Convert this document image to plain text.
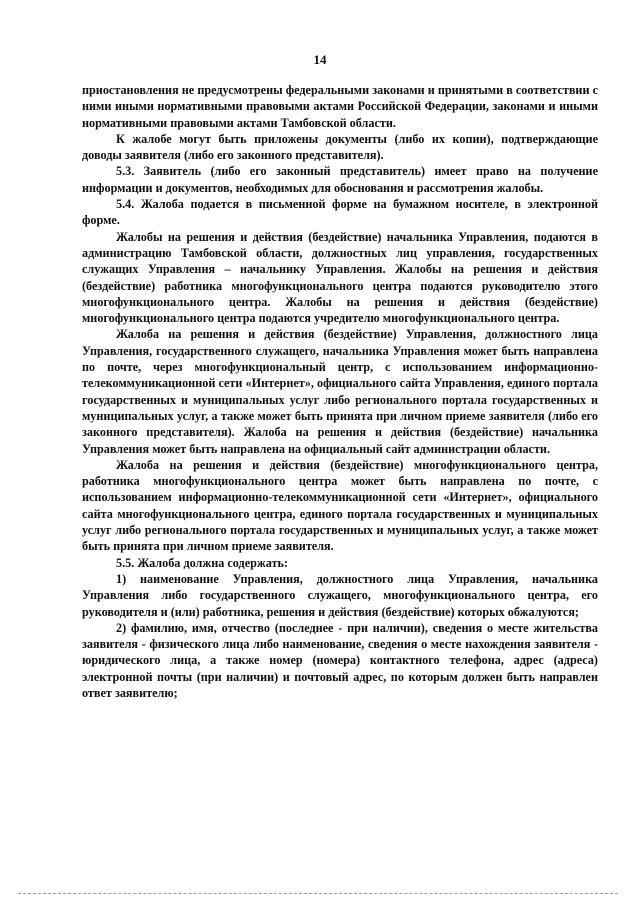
14

приостановления не предусмотрены федеральными законами и принятыми в соответствии с ними иными нормативными правовыми актами Российской Федерации, законами и иными нормативными правовыми актами Тамбовской области.

К жалобе могут быть приложены документы (либо их копии), подтверждающие доводы заявителя (либо его законного представителя).

5.3. Заявитель (либо его законный представитель) имеет право на получение информации и документов, необходимых для обоснования и рассмотрения жалобы.

5.4. Жалоба подается в письменной форме на бумажном носителе, в электронной форме.

Жалобы на решения и действия (бездействие) начальника Управления, подаются в администрацию Тамбовской области, должностных лиц управления, государственных служащих Управления – начальнику Управления. Жалобы на решения и действия (бездействие) работника многофункционального центра подаются руководителю этого многофункционального центра. Жалобы на решения и действия (бездействие) многофункционального центра подаются учредителю многофункционального центра.

Жалоба на решения и действия (бездействие) Управления, должностного лица Управления, государственного служащего, начальника Управления может быть направлена по почте, через многофункциональный центр, с использованием информационно-телекоммуникационной сети «Интернет», официального сайта Управления, единого портала государственных и муниципальных услуг либо регионального портала государственных и муниципальных услуг, а также может быть принята при личном приеме заявителя (либо его законного представителя). Жалоба на решения и действия (бездействие) начальника Управления может быть направлена на официальный сайт администрации области.

Жалоба на решения и действия (бездействие) многофункционального центра, работника многофункционального центра может быть направлена по почте, с использованием информационно-телекоммуникационной сети «Интернет», официального сайта многофункционального центра, единого портала государственных и муниципальных услуг либо регионального портала государственных и муниципальных услуг, а также может быть принята при личном приеме заявителя.

5.5. Жалоба должна содержать:

1) наименование Управления, должностного лица Управления, начальника Управления либо государственного служащего, многофункционального центра, его руководителя и (или) работника, решения и действия (бездействие) которых обжалуются;

2) фамилию, имя, отчество (последнее - при наличии), сведения о месте жительства заявителя - физического лица либо наименование, сведения о месте нахождения заявителя - юридического лица, а также номер (номера) контактного телефона, адрес (адреса) электронной почты (при наличии) и почтовый адрес, по которым должен быть направлен ответ заявителю;
